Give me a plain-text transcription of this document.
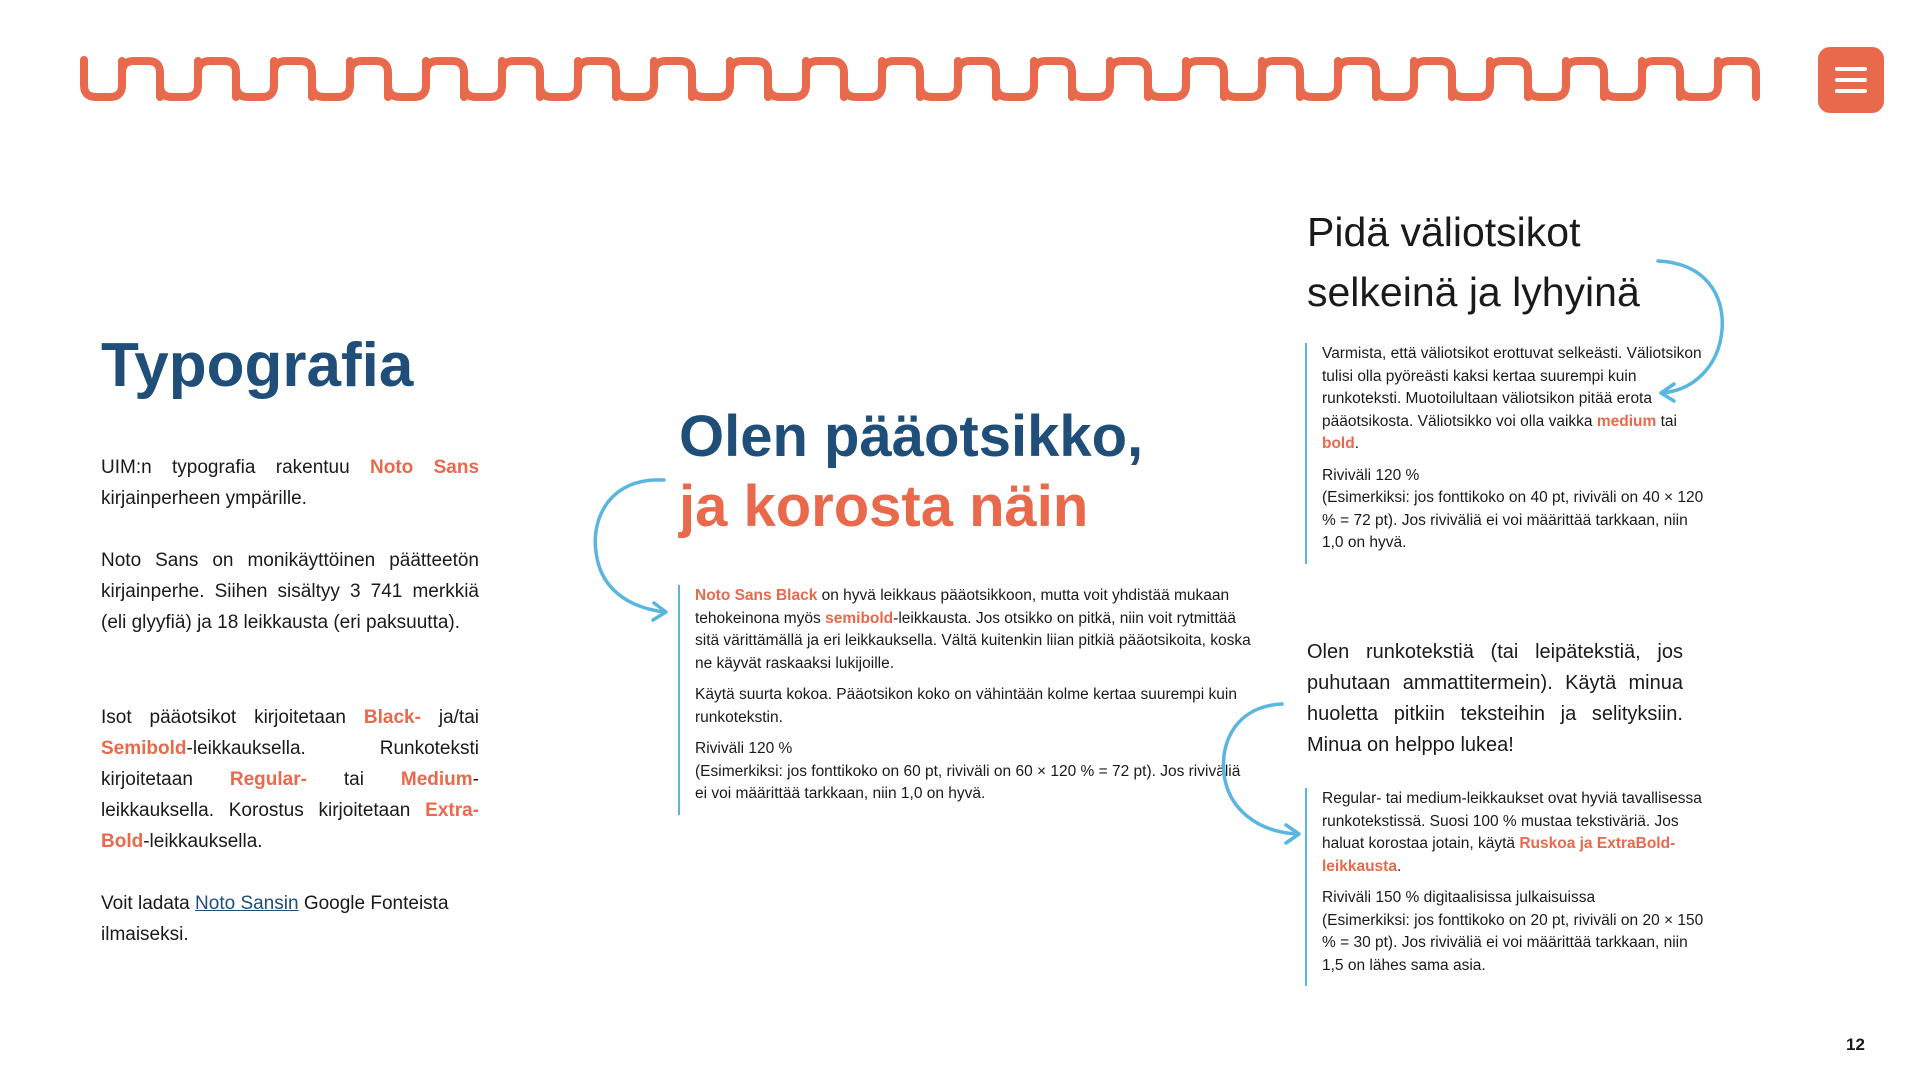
Typografia

UIM:n typografia rakentuu Noto Sans kirjainperheen ympärille.

Noto Sans on monikäyttöinen päätteetön kirjainperhe. Siihen sisältyy 3 741 merkkiä (eli glyyfiä) ja 18 leikkausta (eri paksuutta).

Isot pääotsikot kirjoitetaan Black- ja/tai Semibold-leikkauksella. Runkoteksti kirjoitetaan Regular- tai Medium-leikkauksella. Korostus kirjoitetaan Extra-Bold-leikkauksella.

Voit ladata Noto Sansin Google Fonteista ilmaiseksi.

Olen pääotsikko,
ja korosta näin

Noto Sans Black on hyvä leikkaus pääotsikkoon, mutta voit yhdistää mukaan tehokeinona myös semibold-leikkausta. Jos otsikko on pitkä, niin voit rytmittää sitä värittämällä ja eri leikkauksella. Vältä kuitenkin liian pitkiä pääotsikoita, koska ne käyvät raskaaksi lukijoille.

Käytä suurta kokoa. Pääotsikon koko on vähintään kolme kertaa suurempi kuin runkotekstin.

Riviväli 120 %
(Esimerkiksi: jos fonttikoko on 60 pt, riviväli on 60 × 120 % = 72 pt). Jos riviväliä ei voi määrittää tarkkaan, niin 1,0 on hyvä.

Pidä väliotsikot selkeinä ja lyhyinä

Varmista, että väliotsikot erottuvat selkeästi. Väliotsikon tulisi olla pyöreästi kaksi kertaa suurempi kuin runkoteksti. Muotoilultaan väliotsikon pitää erota pääotsikosta. Väliotsikko voi olla vaikka medium tai bold.

Riviväli 120 %
(Esimerkiksi: jos fonttikoko on 40 pt, riviväli on 40 × 120 % = 72 pt). Jos riviväliä ei voi määrittää tarkkaan, niin 1,0 on hyvä.

Olen runkotekstiä (tai leipätekstiä, jos puhutaan ammattitermein). Käytä minua huoletta pitkiin teksteihin ja selityksiin. Minua on helppo lukea!

Regular- tai medium-leikkaukset ovat hyviä tavallisessa runkotekstissä. Suosi 100 % mustaa tekstiväriä. Jos haluat korostaa jotain, käytä Ruskoa ja ExtraBold-leikkausta.

Riviväli 150 % digitaalisissa julkaisuissa
(Esimerkiksi: jos fonttikoko on 20 pt, riviväli on 20 × 150 % = 30 pt). Jos riviväliä ei voi määrittää tarkkaan, niin 1,5 on lähes sama asia.

12
